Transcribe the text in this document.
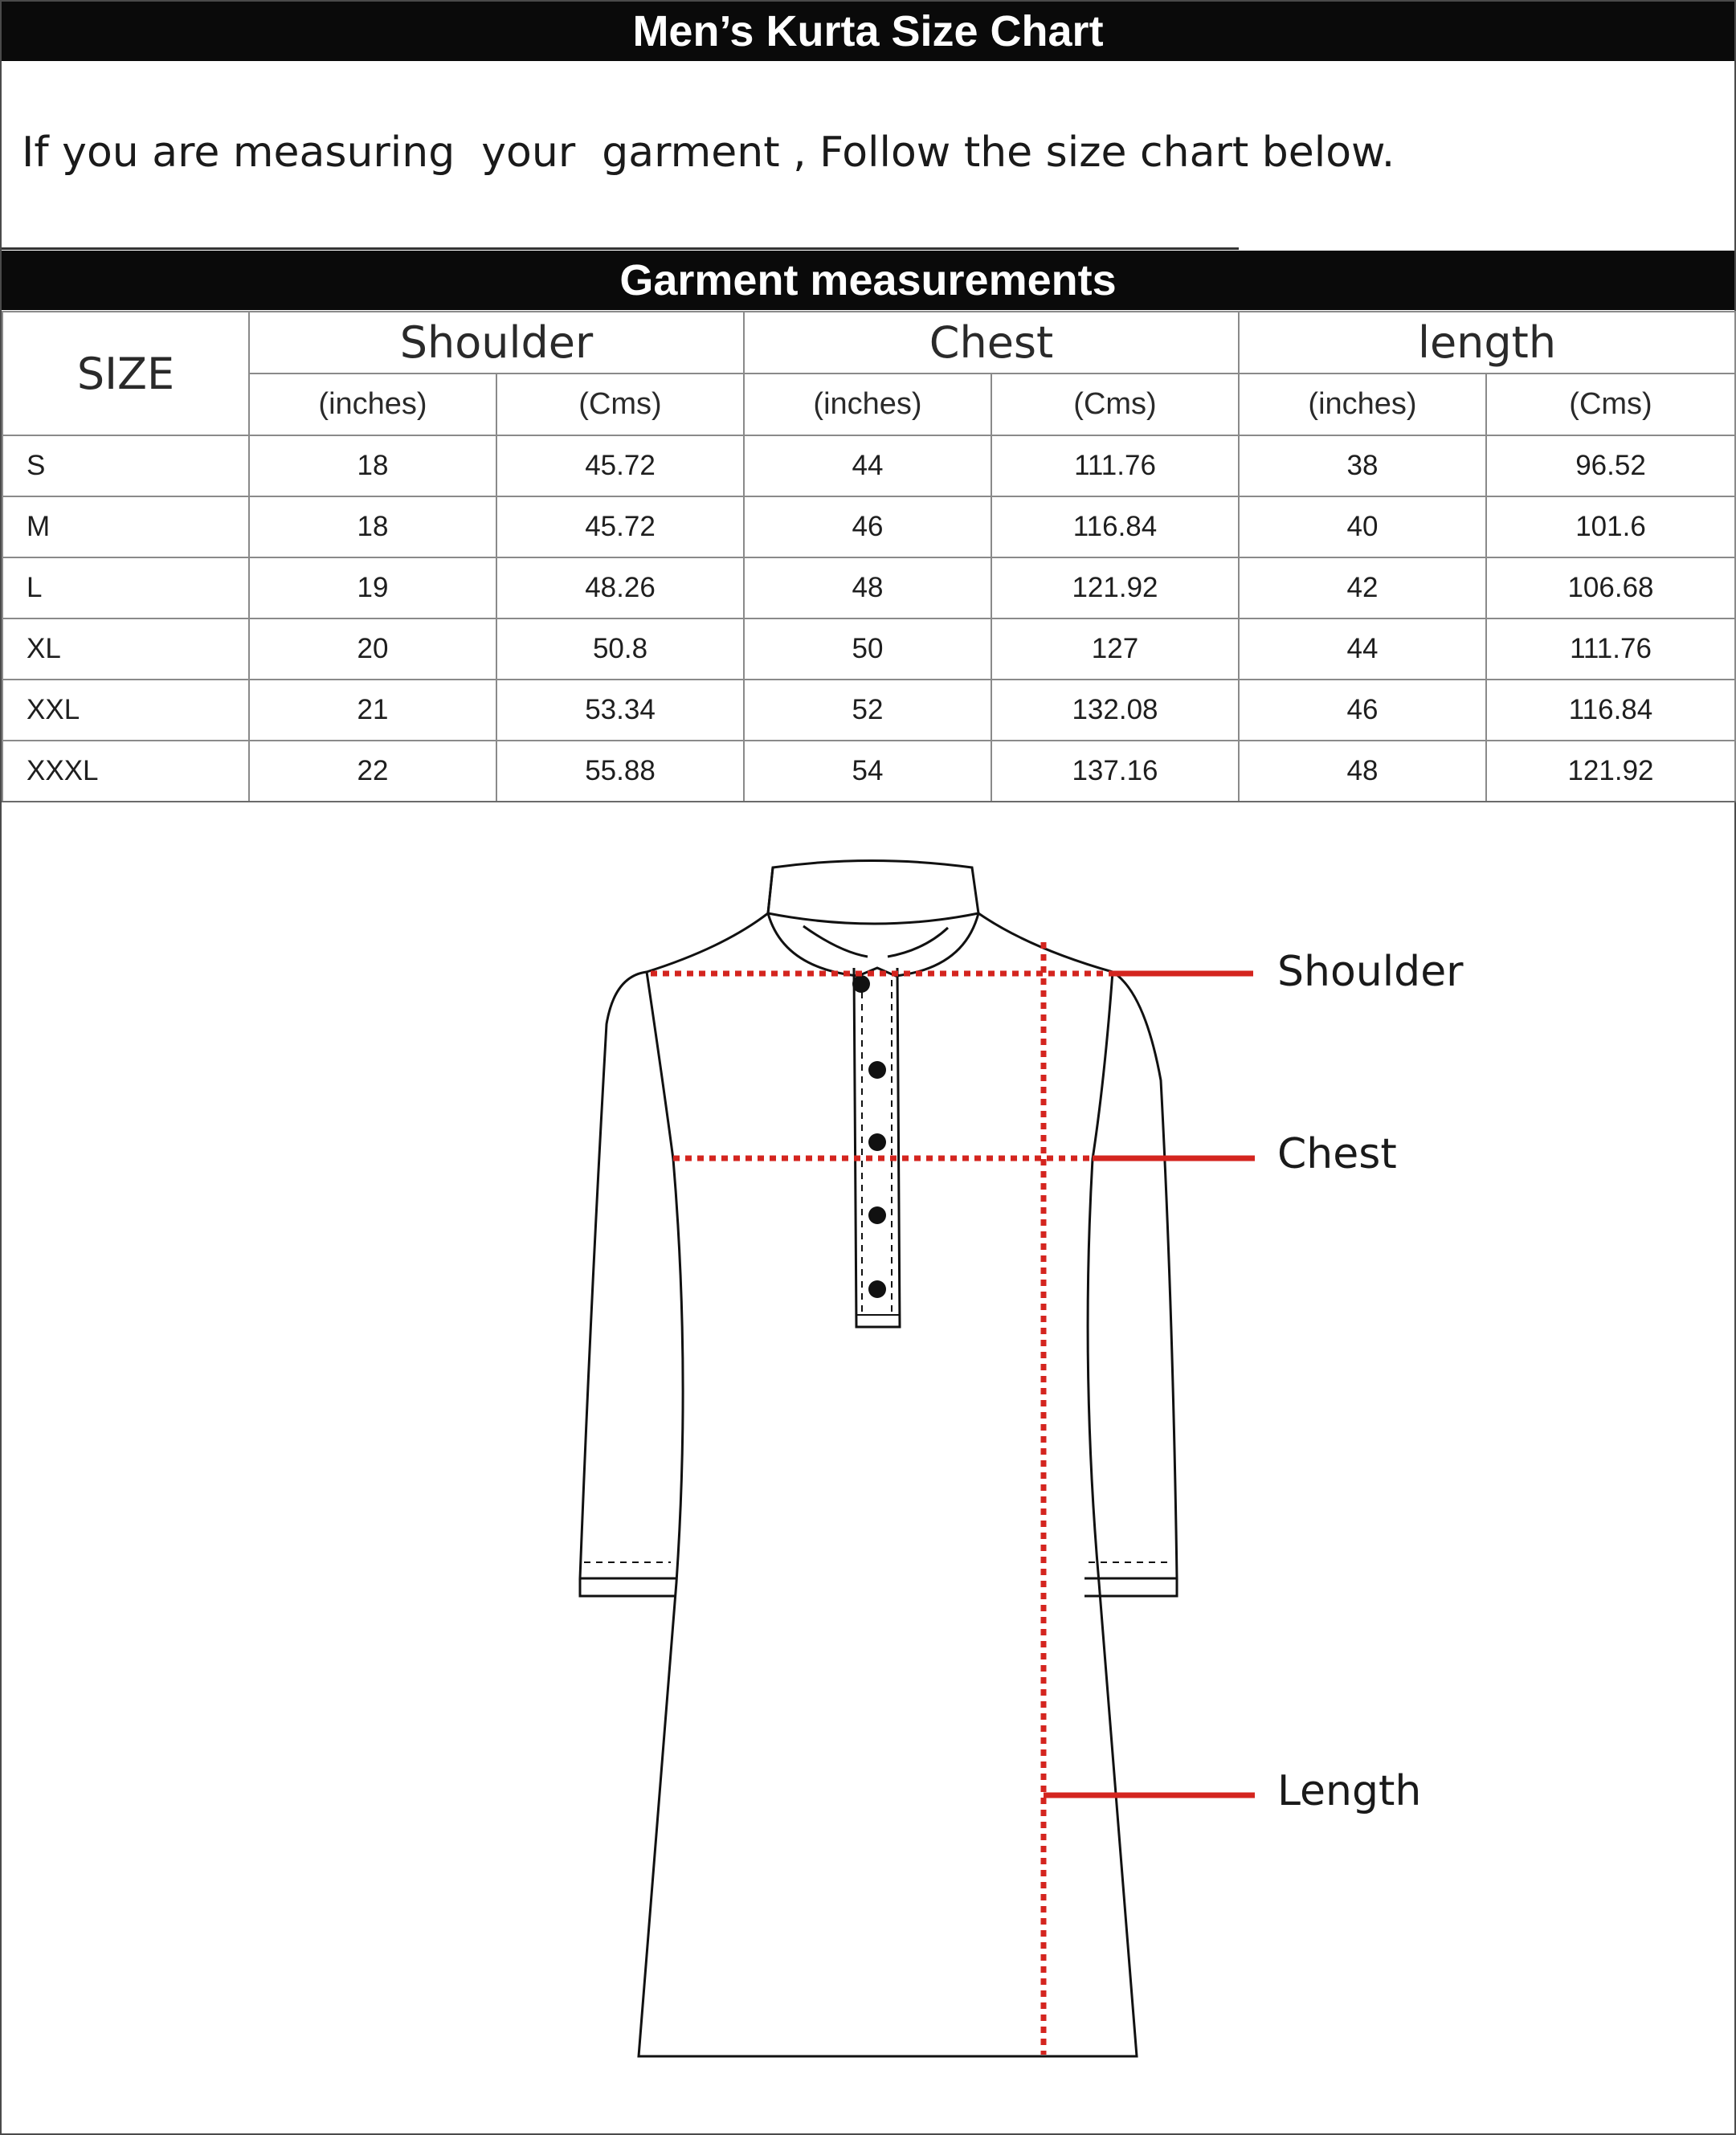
Men’s Kurta Size Chart
If you are measuring  your  garment , Follow the size chart below.
Garment measurements
SIZE	Shoulder		Chest		length	
	(inches)	(Cms)	(inches)	(Cms)	(inches)	(Cms)
S	18	45.72	44	111.76	38	96.52
M	18	45.72	46	116.84	40	101.6
L	19	48.26	48	121.92	42	106.68
XL	20	50.8	50	127	44	111.76
XXL	21	53.34	52	132.08	46	116.84
XXXL	22	55.88	54	137.16	48	121.92
Shoulder
Chest
Length
